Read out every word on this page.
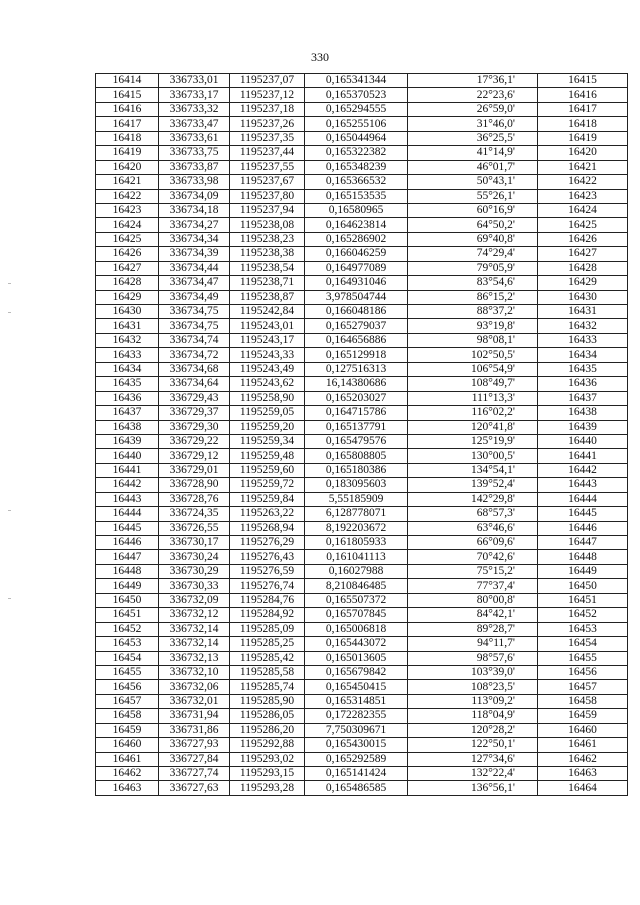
330
16414	336733,01	1195237,07	0,165341344	17°36,1'	16415
16415	336733,17	1195237,12	0,165370523	22°23,6'	16416
16416	336733,32	1195237,18	0,165294555	26°59,0'	16417
16417	336733,47	1195237,26	0,165255106	31°46,0'	16418
16418	336733,61	1195237,35	0,165044964	36°25,5'	16419
16419	336733,75	1195237,44	0,165322382	41°14,9'	16420
16420	336733,87	1195237,55	0,165348239	46°01,7'	16421
16421	336733,98	1195237,67	0,165366532	50°43,1'	16422
16422	336734,09	1195237,80	0,165153535	55°26,1'	16423
16423	336734,18	1195237,94	0,16580965	60°16,9'	16424
16424	336734,27	1195238,08	0,164623814	64°50,2'	16425
16425	336734,34	1195238,23	0,165286902	69°40,8'	16426
16426	336734,39	1195238,38	0,166046259	74°29,4'	16427
16427	336734,44	1195238,54	0,164977089	79°05,9'	16428
16428	336734,47	1195238,71	0,164931046	83°54,6'	16429
16429	336734,49	1195238,87	3,978504744	86°15,2'	16430
16430	336734,75	1195242,84	0,166048186	88°37,2'	16431
16431	336734,75	1195243,01	0,165279037	93°19,8'	16432
16432	336734,74	1195243,17	0,164656886	98°08,1'	16433
16433	336734,72	1195243,33	0,165129918	102°50,5'	16434
16434	336734,68	1195243,49	0,127516313	106°54,9'	16435
16435	336734,64	1195243,62	16,14380686	108°49,7'	16436
16436	336729,43	1195258,90	0,165203027	111°13,3'	16437
16437	336729,37	1195259,05	0,164715786	116°02,2'	16438
16438	336729,30	1195259,20	0,165137791	120°41,8'	16439
16439	336729,22	1195259,34	0,165479576	125°19,9'	16440
16440	336729,12	1195259,48	0,165808805	130°00,5'	16441
16441	336729,01	1195259,60	0,165180386	134°54,1'	16442
16442	336728,90	1195259,72	0,183095603	139°52,4'	16443
16443	336728,76	1195259,84	5,55185909	142°29,8'	16444
16444	336724,35	1195263,22	6,128778071	68°57,3'	16445
16445	336726,55	1195268,94	8,192203672	63°46,6'	16446
16446	336730,17	1195276,29	0,161805933	66°09,6'	16447
16447	336730,24	1195276,43	0,161041113	70°42,6'	16448
16448	336730,29	1195276,59	0,16027988	75°15,2'	16449
16449	336730,33	1195276,74	8,210846485	77°37,4'	16450
16450	336732,09	1195284,76	0,165507372	80°00,8'	16451
16451	336732,12	1195284,92	0,165707845	84°42,1'	16452
16452	336732,14	1195285,09	0,165006818	89°28,7'	16453
16453	336732,14	1195285,25	0,165443072	94°11,7'	16454
16454	336732,13	1195285,42	0,165013605	98°57,6'	16455
16455	336732,10	1195285,58	0,165679842	103°39,0'	16456
16456	336732,06	1195285,74	0,165450415	108°23,5'	16457
16457	336732,01	1195285,90	0,165314851	113°09,2'	16458
16458	336731,94	1195286,05	0,172282355	118°04,9'	16459
16459	336731,86	1195286,20	7,750309671	120°28,2'	16460
16460	336727,93	1195292,88	0,165430015	122°50,1'	16461
16461	336727,84	1195293,02	0,165292589	127°34,6'	16462
16462	336727,74	1195293,15	0,165141424	132°22,4'	16463
16463	336727,63	1195293,28	0,165486585	136°56,1'	16464
